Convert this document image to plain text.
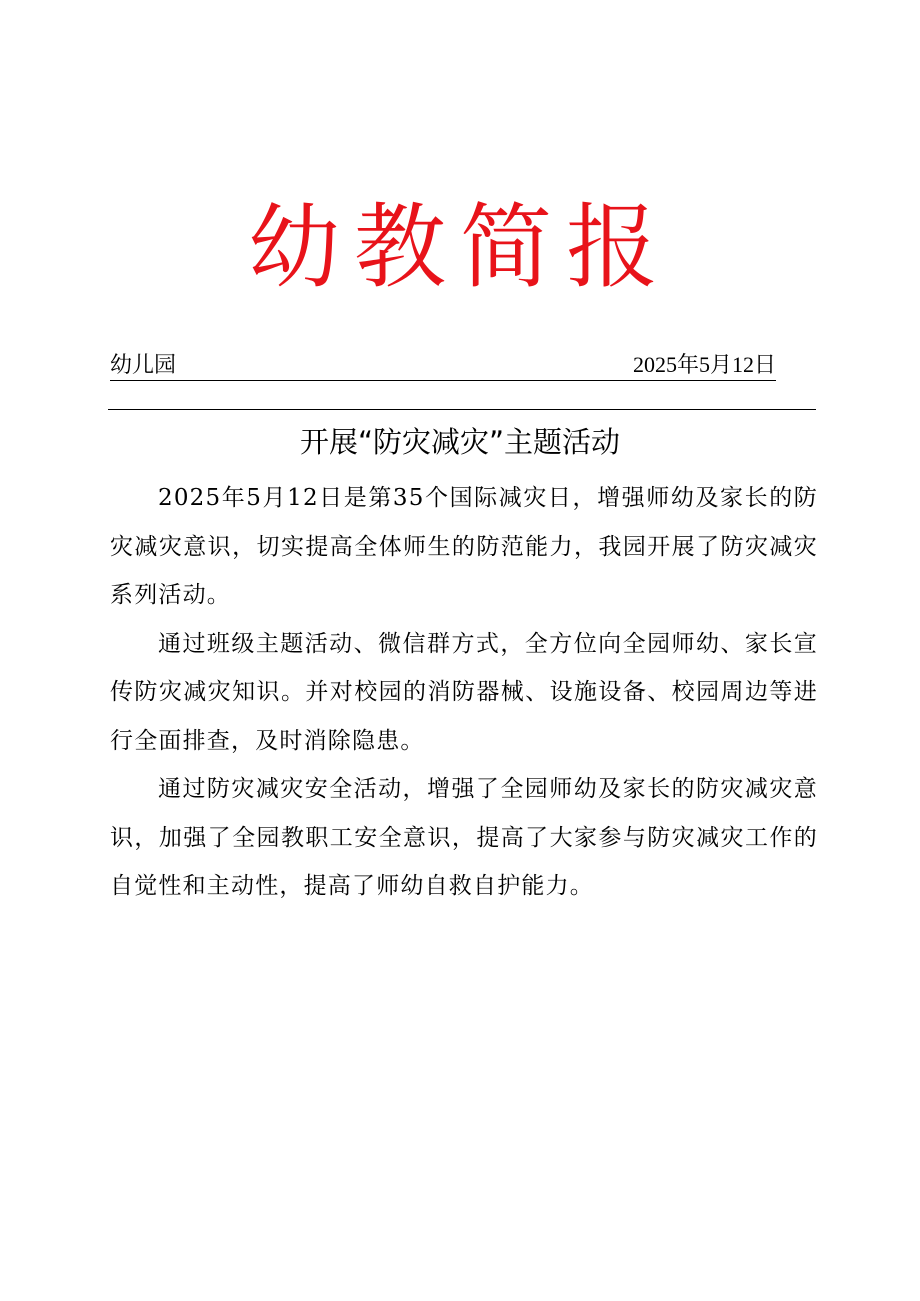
幼教简报
幼儿园	2025年5月12日
开展“防灾减灾”主题活动

2025年5月12日是第35个国际减灾日，增强师幼及家长的防灾减灾意识，切实提高全体师生的防范能力，我园开展了防灾减灾系列活动。

通过班级主题活动、微信群方式，全方位向全园师幼、家长宣传防灾减灾知识。并对校园的消防器械、设施设备、校园周边等进行全面排查，及时消除隐患。

通过防灾减灾安全活动，增强了全园师幼及家长的防灾减灾意识，加强了全园教职工安全意识，提高了大家参与防灾减灾工作的自觉性和主动性，提高了师幼自救自护能力。
